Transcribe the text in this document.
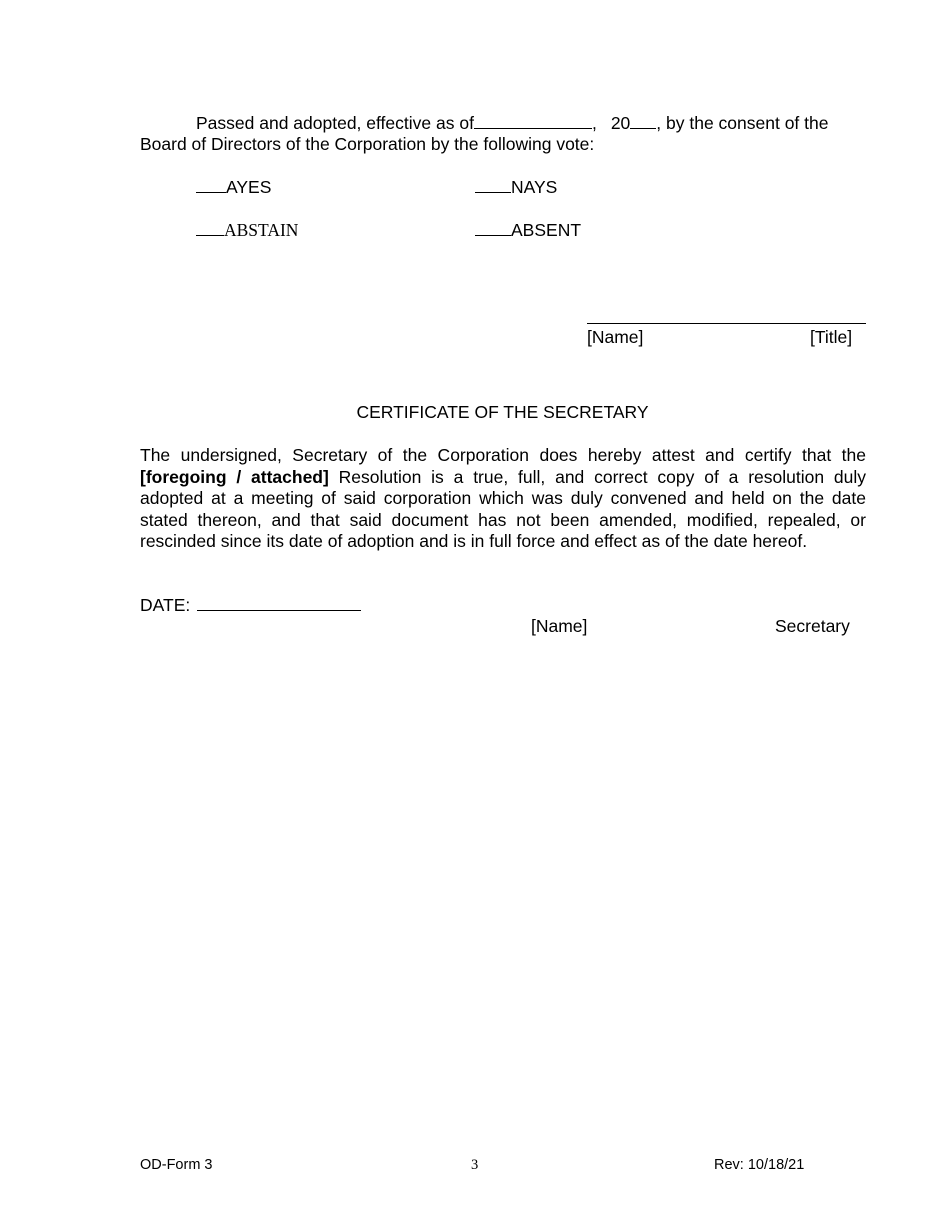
Passed and adopted, effective as of	, 20 , by the consent of the
Board of Directors of the Corporation by the following vote:
AYES	NAYS
ABSTAIN	ABSENT
[Name]	[Title]
CERTIFICATE OF THE SECRETARY
The undersigned, Secretary of the Corporation does hereby attest and certify that the
[foregoing / attached] Resolution is a true, full, and correct copy of a resolution duly
adopted at a meeting of said corporation which was duly convened and held on the date
stated thereon, and that said document has not been amended, modified, repealed, or
rescinded since its date of adoption and is in full force and effect as of the date hereof.
DATE:
[Name]	Secretary
OD-Form 3	3	Rev: 10/18/21
